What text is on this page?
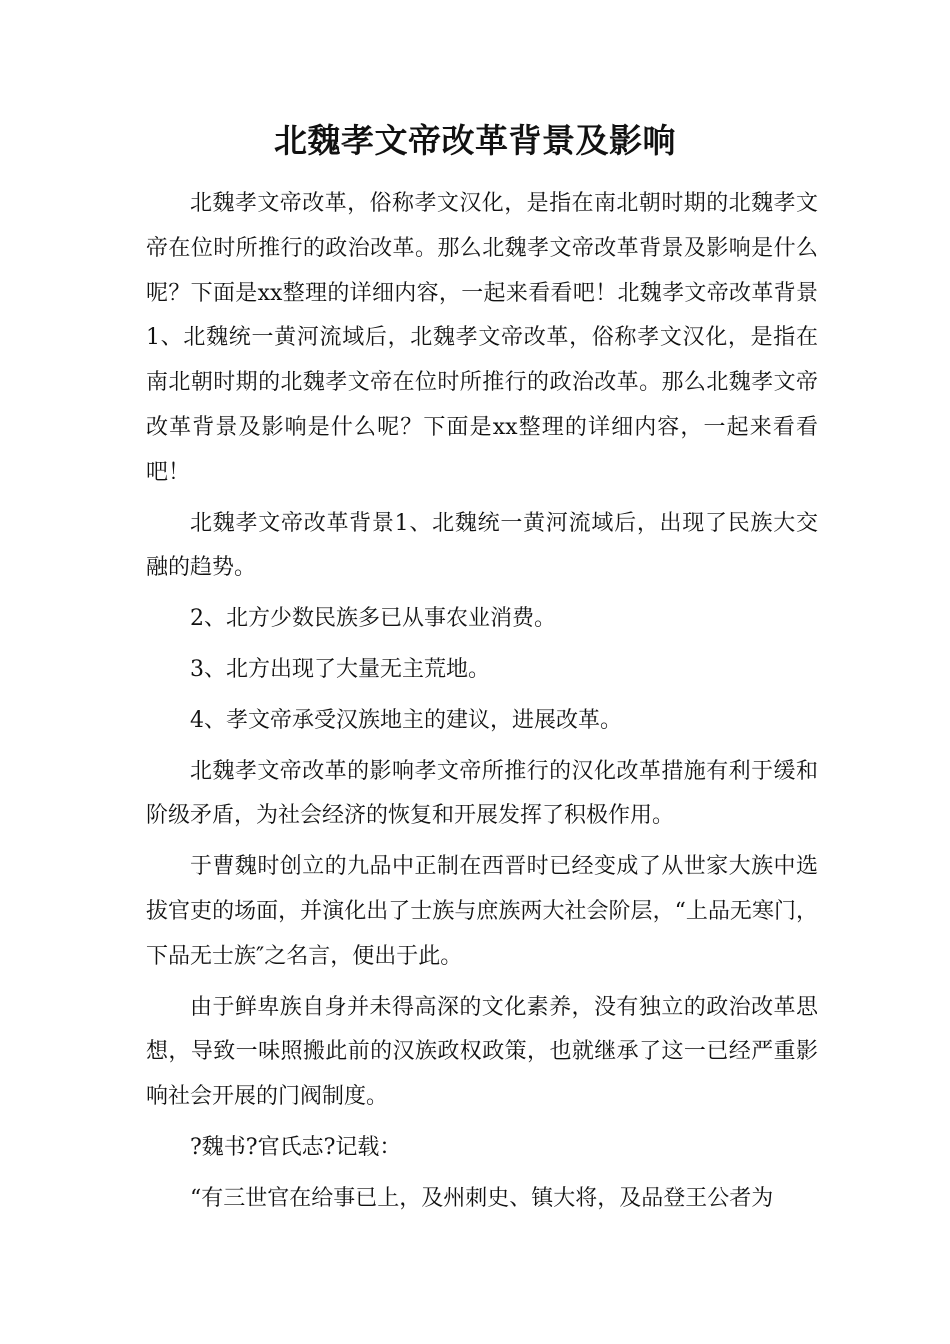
北魏孝文帝改革背景及影响

北魏孝文帝改革，俗称孝文汉化，是指在南北朝时期的北魏孝文帝在位时所推行的政治改革。那么北魏孝文帝改革背景及影响是什么呢？下面是xx整理的详细内容，一起来看看吧！北魏孝文帝改革背景1、北魏统一黄河流域后，北魏孝文帝改革，俗称孝文汉化，是指在南北朝时期的北魏孝文帝在位时所推行的政治改革。那么北魏孝文帝改革背景及影响是什么呢？下面是xx整理的详细内容，一起来看看吧！

北魏孝文帝改革背景1、北魏统一黄河流域后，出现了民族大交融的趋势。

2、北方少数民族多已从事农业消费。

3、北方出现了大量无主荒地。

4、孝文帝承受汉族地主的建议，进展改革。

北魏孝文帝改革的影响孝文帝所推行的汉化改革措施有利于缓和阶级矛盾，为社会经济的恢复和开展发挥了积极作用。

于曹魏时创立的九品中正制在西晋时已经变成了从世家大族中选拔官吏的场面，并演化出了士族与庶族两大社会阶层，“上品无寒门，下品无士族″之名言，便出于此。

由于鲜卑族自身并未得高深的文化素养，没有独立的政治改革思想，导致一味照搬此前的汉族政权政策，也就继承了这一已经严重影响社会开展的门阀制度。

?魏书?官氏志?记载：

“有三世官在给事已上，及州刺史、镇大将，及品登王公者为
